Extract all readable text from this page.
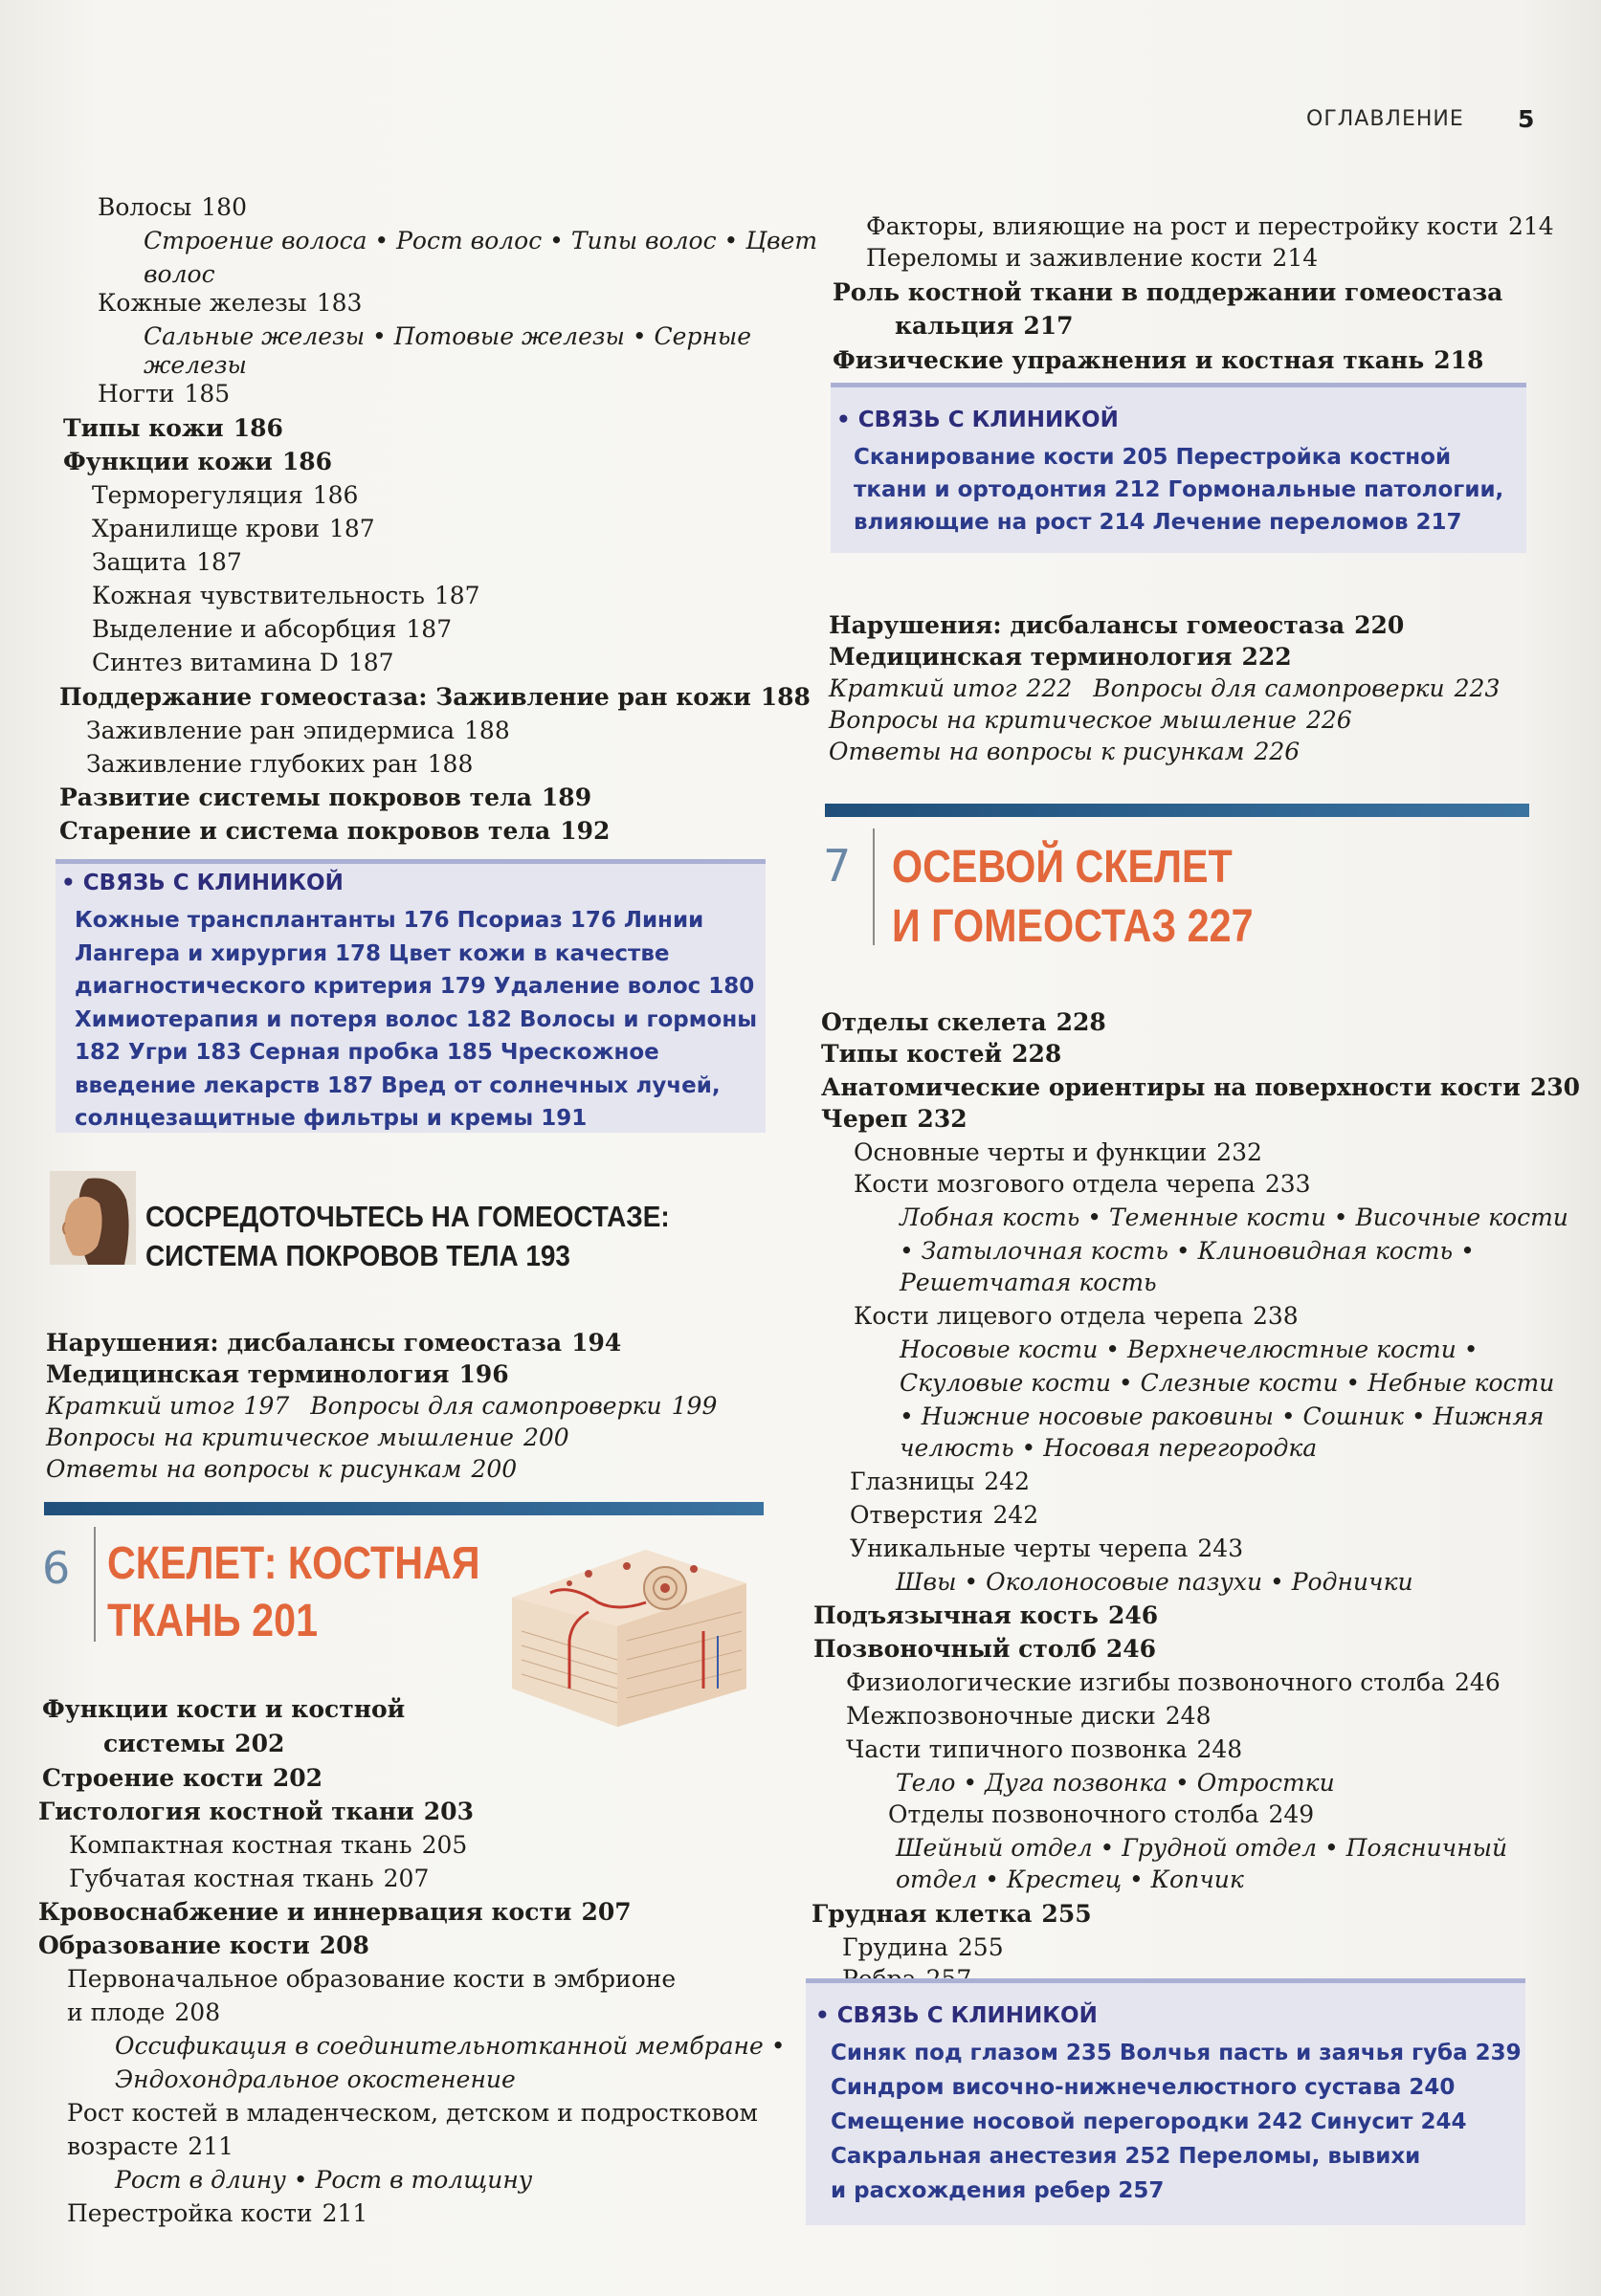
ОГЛАВЛЕНИЕ 5
Волосы 180
Строение волоса • Рост волос • Типы волос • Цвет
волос
Кожные железы 183
Сальные железы • Потовые железы • Серные
железы
Ногти 185
Типы кожи 186
Функции кожи 186
Терморегуляция 186
Хранилище крови 187
Защита 187
Кожная чувствительность 187
Выделение и абсорбция 187
Синтез витамина D 187
Поддержание гомеостаза: Заживление ран кожи 188
Заживление ран эпидермиса 188
Заживление глубоких ран 188
Развитие системы покровов тела 189
Старение и система покровов тела 192
• СВЯЗЬ С КЛИНИКОЙ
Кожные трансплантанты 176 Псориаз 176 Линии
Лангера и хирургия 178 Цвет кожи в качестве
диагностического критерия 179 Удаление волос 180
Химиотерапия и потеря волос 182 Волосы и гормоны
182 Угри 183 Серная пробка 185 Чрескожное
введение лекарств 187 Вред от солнечных лучей,
солнцезащитные фильтры и кремы 191
СОСРЕДОТОЧЬТЕСЬ НА ГОМЕОСТАЗЕ:
СИСТЕМА ПОКРОВОВ ТЕЛА 193
Нарушения: дисбалансы гомеостаза 194
Медицинская терминология 196
Краткий итог 197 Вопросы для самопроверки 199
Вопросы на критическое мышление 200
Ответы на вопросы к рисункам 200
6 СКЕЛЕТ: КОСТНАЯ
ТКАНЬ 201
Функции кости и костной
системы 202
Строение кости 202
Гистология костной ткани 203
Компактная костная ткань 205
Губчатая костная ткань 207
Кровоснабжение и иннервация кости 207
Образование кости 208
Первоначальное образование кости в эмбрионе
и плоде 208
Оссификация в соединительнотканной мембране •
Эндохондральное окостенение
Рост костей в младенческом, детском и подростковом
возрасте 211
Рост в длину • Рост в толщину
Перестройка кости 211
Факторы, влияющие на рост и перестройку кости 214
Переломы и заживление кости 214
Роль костной ткани в поддержании гомеостаза
кальция 217
Физические упражнения и костная ткань 218
• СВЯЗЬ С КЛИНИКОЙ
Сканирование кости 205 Перестройка костной
ткани и ортодонтия 212 Гормональные патологии,
влияющие на рост 214 Лечение переломов 217
Нарушения: дисбалансы гомеостаза 220
Медицинская терминология 222
Краткий итог 222 Вопросы для самопроверки 223
Вопросы на критическое мышление 226
Ответы на вопросы к рисункам 226
7 ОСЕВОЙ СКЕЛЕТ
И ГОМЕОСТАЗ 227
Отделы скелета 228
Типы костей 228
Анатомические ориентиры на поверхности кости 230
Череп 232
Основные черты и функции 232
Кости мозгового отдела черепа 233
Лобная кость • Теменные кости • Височные кости
• Затылочная кость • Клиновидная кость •
Решетчатая кость
Кости лицевого отдела черепа 238
Носовые кости • Верхнечелюстные кости •
Скуловые кости • Слезные кости • Небные кости
• Нижние носовые раковины • Сошник • Нижняя
челюсть • Носовая перегородка
Глазницы 242
Отверстия 242
Уникальные черты черепа 243
Швы • Околоносовые пазухи • Роднички
Подъязычная кость 246
Позвоночный столб 246
Физиологические изгибы позвоночного столба 246
Межпозвоночные диски 248
Части типичного позвонка 248
Тело • Дуга позвонка • Отростки
Отделы позвоночного столба 249
Шейный отдел • Грудной отдел • Поясничный
отдел • Крестец • Копчик
Грудная клетка 255
Грудина 255
• СВЯЗЬ С КЛИНИКОЙ
Синяк под глазом 235 Волчья пасть и заячья губа 239
Синдром височно-нижнечелюстного сустава 240
Смещение носовой перегородки 242 Синусит 244
Сакральная анестезия 252 Переломы, вывихи
и расхождения ребер 257
